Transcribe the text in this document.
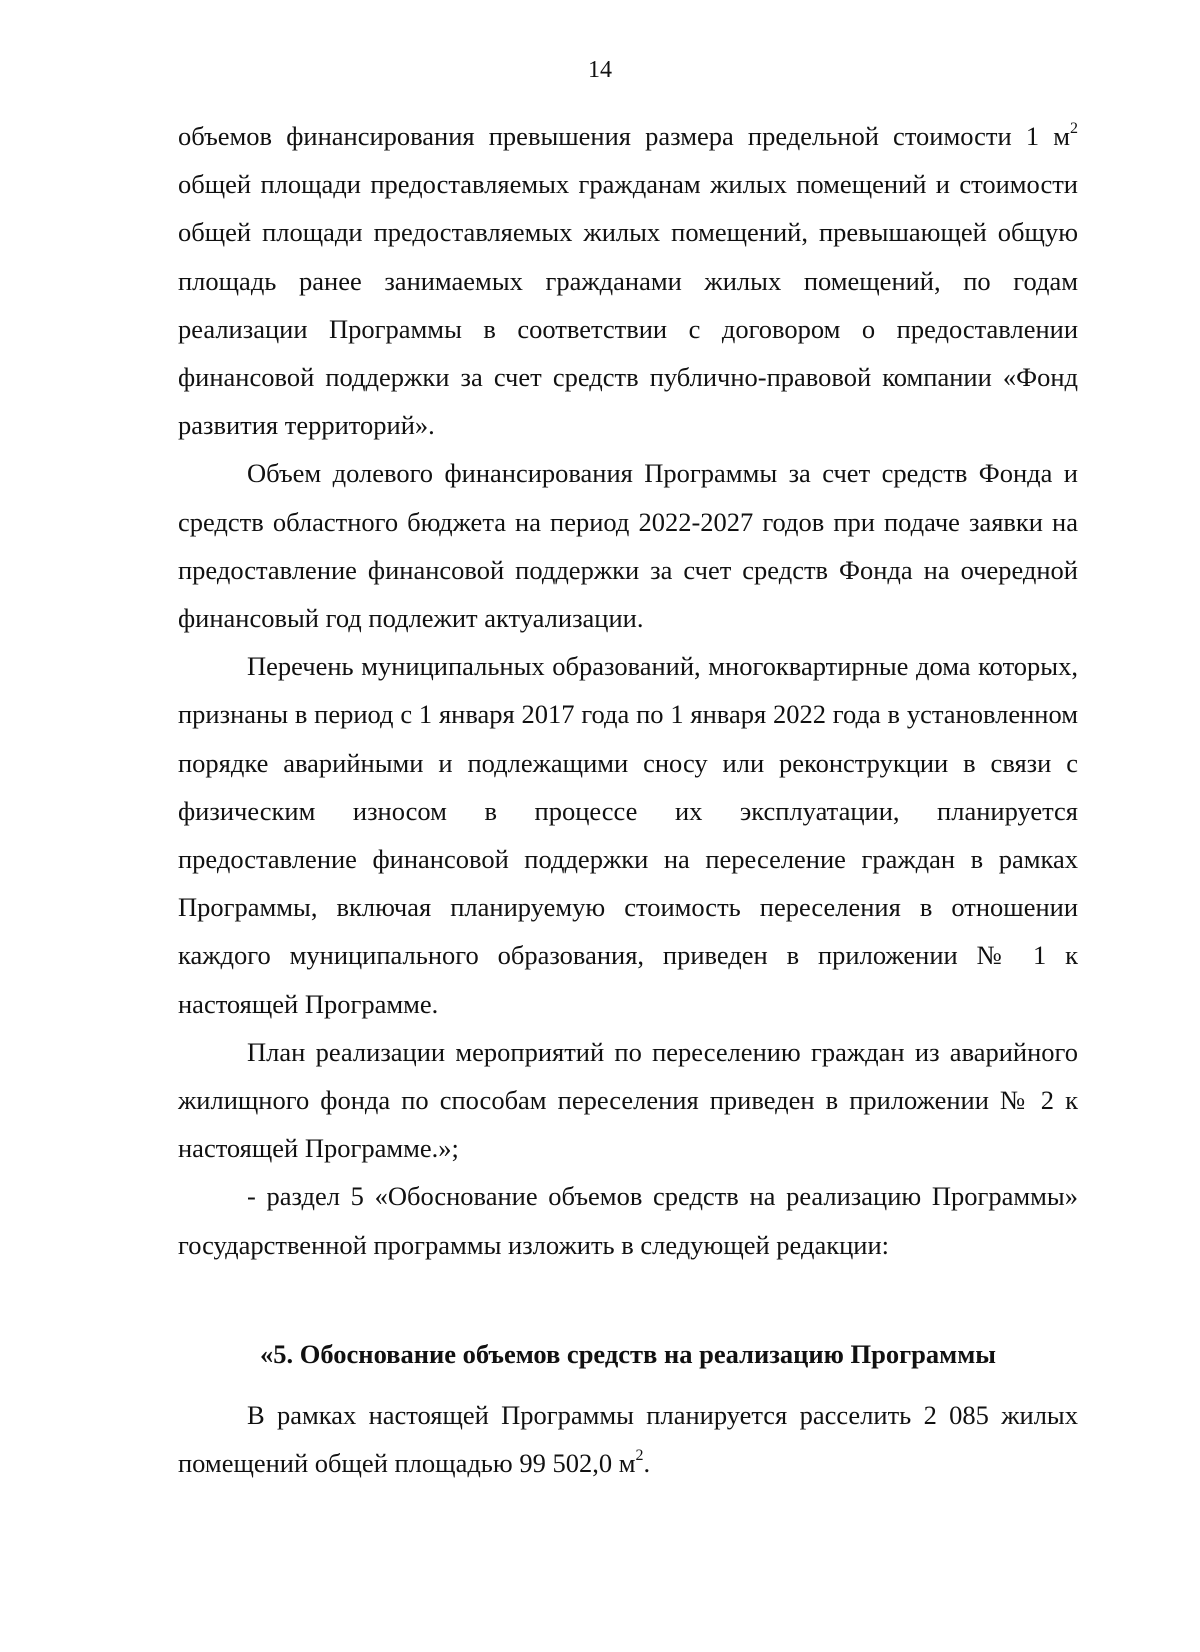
14

объемов финансирования превышения размера предельной стоимости 1 $м^2$ общей площади предоставляемых гражданам жилых помещений и стоимости общей площади предоставляемых жилых помещений, превышающей общую площадь ранее занимаемых гражданами жилых помещений, по годам реализации Программы в соответствии с договором о предоставлении финансовой поддержки за счет средств публично-правовой компании «Фонд развития территорий».

Объем долевого финансирования Программы за счет средств Фонда и средств областного бюджета на период 2022-2027 годов при подаче заявки на предоставление финансовой поддержки за счет средств Фонда на очередной финансовый год подлежит актуализации.

Перечень муниципальных образований, многоквартирные дома которых, признаны в период с 1 января 2017 года по 1 января 2022 года в установленном порядке аварийными и подлежащими сносу или реконструкции в связи с физическим износом в процессе их эксплуатации, планируется предоставление финансовой поддержки на переселение граждан в рамках Программы, включая планируемую стоимость переселения в отношении каждого муниципального образования, приведен в приложении № 1 к настоящей Программе.

План реализации мероприятий по переселению граждан из аварийного жилищного фонда по способам переселения приведен в приложении № 2 к настоящей Программе.»;

- раздел 5 «Обоснование объемов средств на реализацию Программы» государственной программы изложить в следующей редакции:

«5. Обоснование объемов средств на реализацию Программы

В рамках настоящей Программы планируется расселить 2 085 жилых помещений общей площадью 99 502,0 $м^2$.
